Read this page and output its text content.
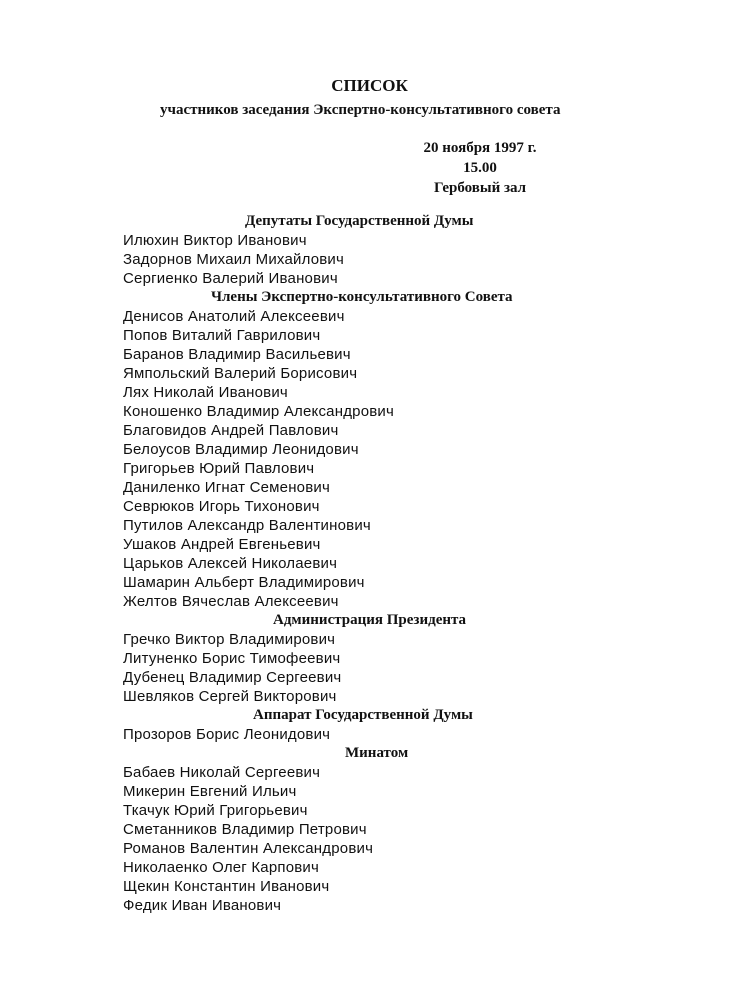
СПИСОК
участников заседания Экспертно-консультативного совета
20 ноября 1997 г.
15.00
Гербовый зал
Депутаты Государственной Думы
Илюхин Виктор Иванович
Задорнов Михаил Михайлович
Сергиенко Валерий Иванович
Члены Экспертно-консультативного Совета
Денисов Анатолий Алексеевич
Попов Виталий Гаврилович
Баранов Владимир Васильевич
Ямпольский Валерий Борисович
Лях Николай Иванович
Коношенко Владимир Александрович
Благовидов Андрей Павлович
Белоусов Владимир Леонидович
Григорьев Юрий Павлович
Даниленко Игнат Семенович
Севрюков Игорь Тихонович
Путилов Александр Валентинович
Ушаков Андрей Евгеньевич
Царьков Алексей Николаевич
Шамарин Альберт Владимирович
Желтов Вячеслав Алексеевич
Администрация Президента
Гречко Виктор Владимирович
Литуненко Борис Тимофеевич
Дубенец Владимир Сергеевич
Шевляков Сергей Викторович
Аппарат Государственной Думы
Прозоров Борис Леонидович
Минатом
Бабаев Николай Сергеевич
Микерин Евгений Ильич
Ткачук Юрий Григорьевич
Сметанников Владимир Петрович
Романов Валентин Александрович
Николаенко Олег Карпович
Щекин Константин Иванович
Федик Иван Иванович
